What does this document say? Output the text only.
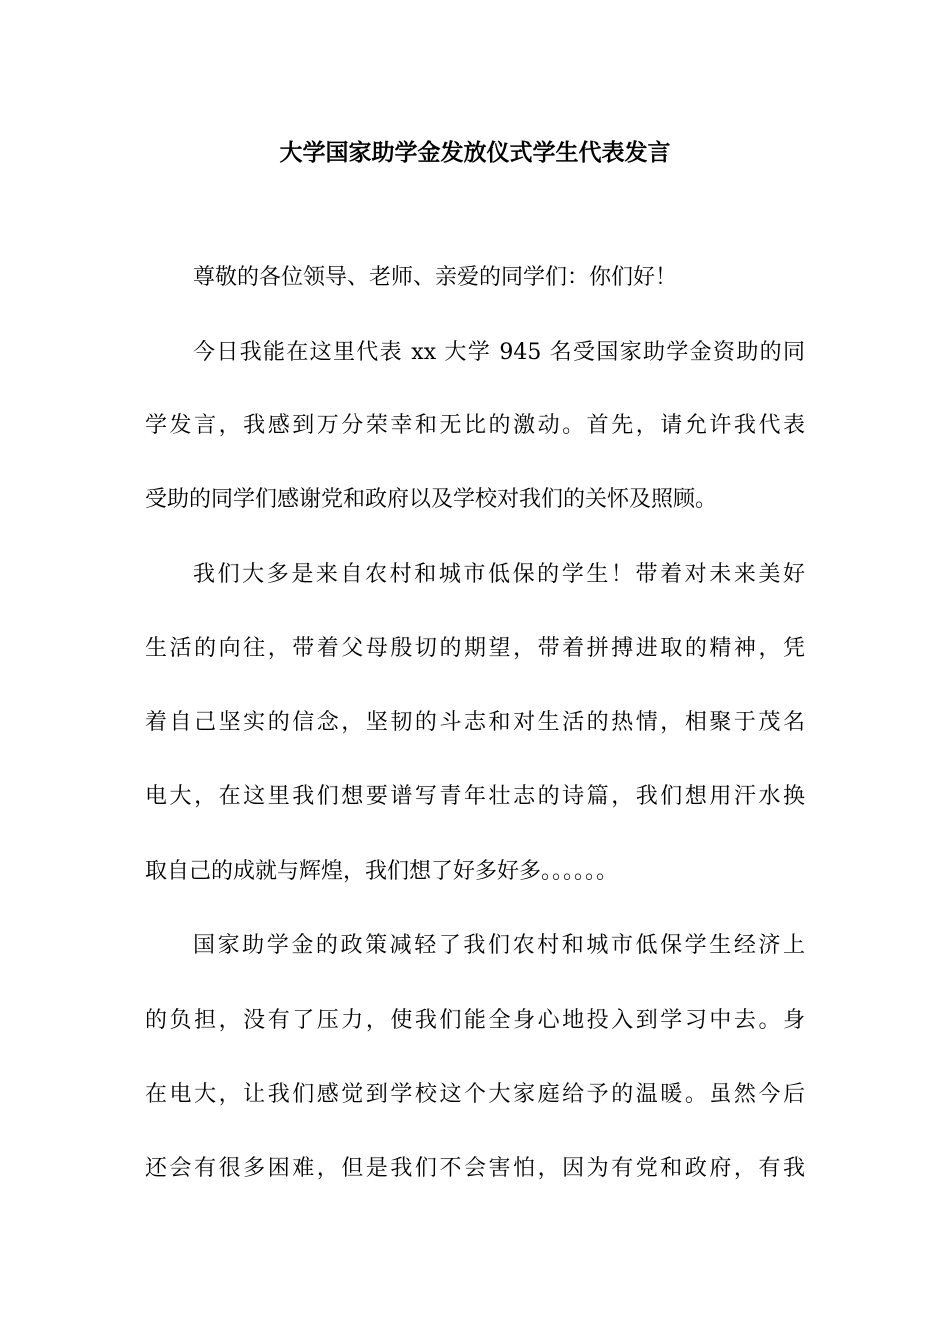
大学国家助学金发放仪式学生代表发言
尊敬的各位领导、老师、亲爱的同学们：你们好！
今日我能在这里代表 xx 大学 945 名受国家助学金资助的同
学发言，我感到万分荣幸和无比的激动。首先，请允许我代表
受助的同学们感谢党和政府以及学校对我们的关怀及照顾。
我们大多是来自农村和城市低保的学生！带着对未来美好
生活的向往，带着父母殷切的期望，带着拼搏进取的精神，凭
着自己坚实的信念，坚韧的斗志和对生活的热情，相聚于茂名
电大，在这里我们想要谱写青年壮志的诗篇，我们想用汗水换
取自己的成就与辉煌，我们想了好多好多。。。。。。
国家助学金的政策减轻了我们农村和城市低保学生经济上
的负担，没有了压力，使我们能全身心地投入到学习中去。身
在电大，让我们感觉到学校这个大家庭给予的温暖。虽然今后
还会有很多困难，但是我们不会害怕，因为有党和政府，有我
